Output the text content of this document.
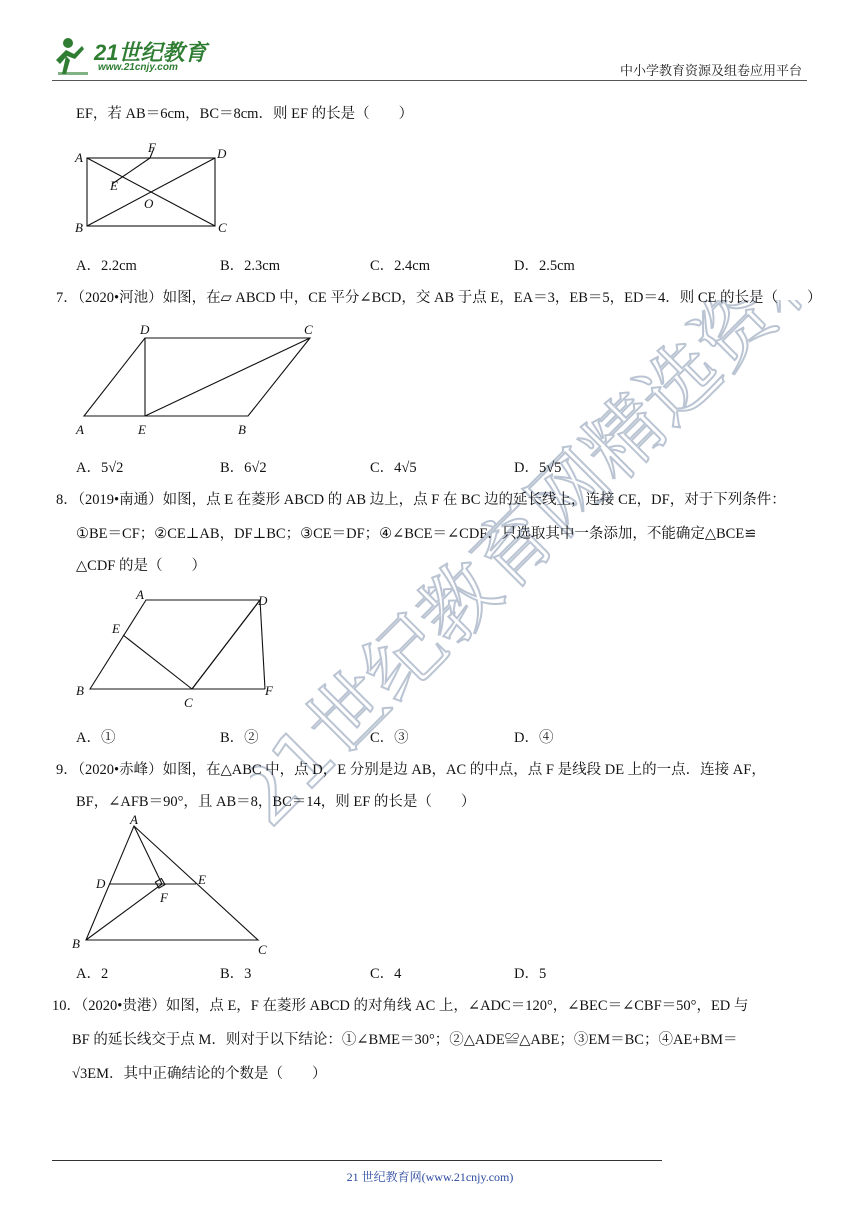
21世纪教育
www.21cnjy.com	中小学教育资源及组卷应用平台
21世纪教育网精选资料
EF，若 AB＝6cm，BC＝8cm．则 EF 的长是（　　）
A
F	D
E
O
B	C
A．2.2cm	B．2.3cm	C．2.4cm	D．2.5cm
7．（2020•河池）如图，在▱ ABCD 中，CE 平分∠BCD，交 AB 于点 E，EA＝3，EB＝5，ED＝4．则 CE 的长是（　　）
D	C
A	E	B
A．5√2	B．6√2	C．4√5	D．5√5
8．（2019•南通）如图，点 E 在菱形 ABCD 的 AB 边上，点 F 在 BC 边的延长线上，连接 CE，DF，对于下列条件：
①BE＝CF；②CE⊥AB，DF⊥BC；③CE＝DF；④∠BCE＝∠CDF．只选取其中一条添加，不能确定△BCE≌
△CDF 的是（　　）
A	D
E
B
C
F
A．①	B．②	C．③	D．④
9．（2020•赤峰）如图，在△ABC 中，点 D，E 分别是边 AB，AC 的中点，点 F 是线段 DE 上的一点．连接 AF，
BF，∠AFB＝90°，且 AB＝8，BC＝14，则 EF 的长是（　　）
A
D	E
F
B	C
A．2	B．3	C．4	D．5
10．（2020•贵港）如图，点 E，F 在菱形 ABCD 的对角线 AC 上，∠ADC＝120°，∠BEC＝∠CBF＝50°，ED 与
BF 的延长线交于点 M．则对于以下结论：①∠BME＝30°；②△ADE≌△ABE；③EM＝BC；④AE+BM＝
√3EM．其中正确结论的个数是（　　）
21 世纪教育网(www.21cnjy.com)
